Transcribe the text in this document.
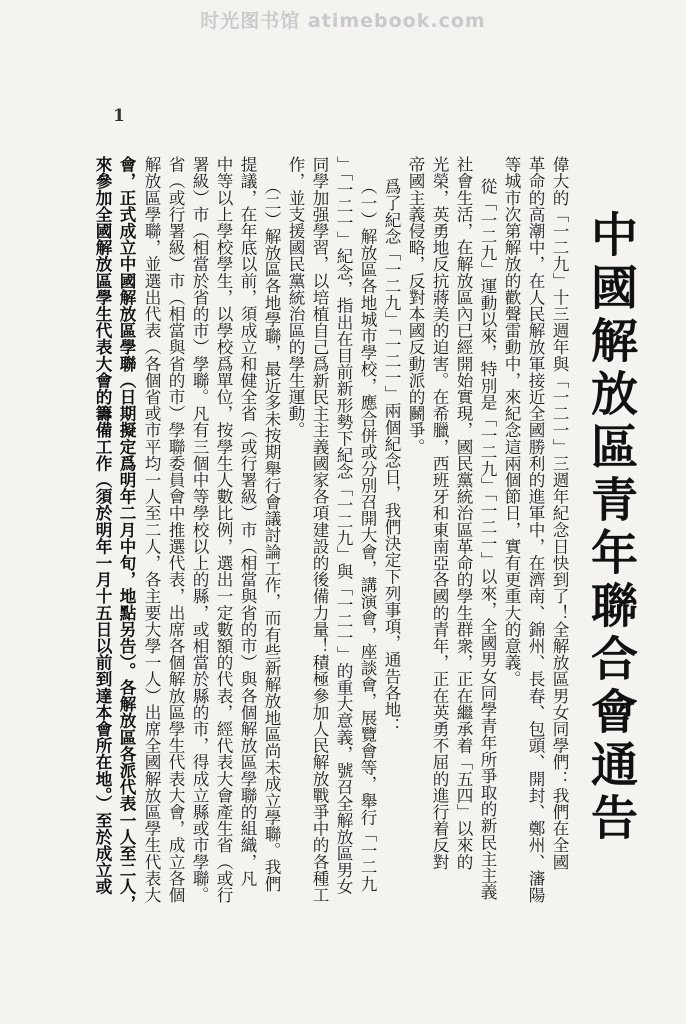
时光图书馆 atimebook.com
1
中國解放區青年聯合會通告
偉大的「一二九」十三週年與「一二一」三週年紀念日快到了！全解放區男女同學們：我們在全國
革命的高潮中，在人民解放軍接近全國勝利的進軍中，在濟南、錦州、長春、包頭、開封、鄭州、瀋陽
等城市次第解放的歡聲雷動中，來紀念這兩個節日，實有更重大的意義。
從「一二九」運動以來，特別是「一二九」「一二一」以來，全國男女同學青年所爭取的新民主主義
社會生活，在解放區內已經開始實現，國民黨統治區革命的學生群衆，正在繼承着「五四」以來的
光榮，英勇地反抗蔣美的迫害。在希臘，西班牙和東南亞各國的青年，正在英勇不屈的進行着反對
帝國主義侵略，反對本國反動派的鬭爭。
爲了紀念「一二九」「一二一」兩個紀念日，我們決定下列事項，通告各地：
（一）解放區各地城市學校，應合併或分別召開大會，講演會，座談會，展覽會等，舉行「一二九
」「一二一」紀念，指出在目前新形勢下紀念「一二九」與「一二一」的重大意義，號召全解放區男女
同學加强學習，以培植自己爲新民主主義國家各項建設的後備力量！積極參加人民解放戰爭中的各種工
作，並支援國民黨統治區的學生運動。
（二）解放區各地學聯，最近多未按期舉行會議討論工作，而有些新解放地區尚未成立學聯。我們
提議，在年底以前，須成立和健全省（或行署級）市（相當與省的市）與各個解放區學聯的組織，凡
中等以上學校學生，以學校爲單位，按學生人數比例，選出一定數額的代表，經代表大會產生省（或行
署級）市（相當於省的市）學聯。凡有三個中等學校以上的縣，或相當於縣的市，得成立縣或市學聯。
省（或行署級）市（相當與省的市）學聯委員會中推選代表，出席各個解放區學生代表大會，成立各個
解放區學聯，並選出代表（各個省或市平均一人至二人，各主要大學一人）出席全國解放區學生代表大
會，正式成立中國解放區學聯（日期擬定爲明年二月中旬，地點另告）。各解放區各派代表一人至二人，
來參加全國解放區學生代表大會的籌備工作（須於明年一月十五日以前到達本會所在地。）至於成立或
